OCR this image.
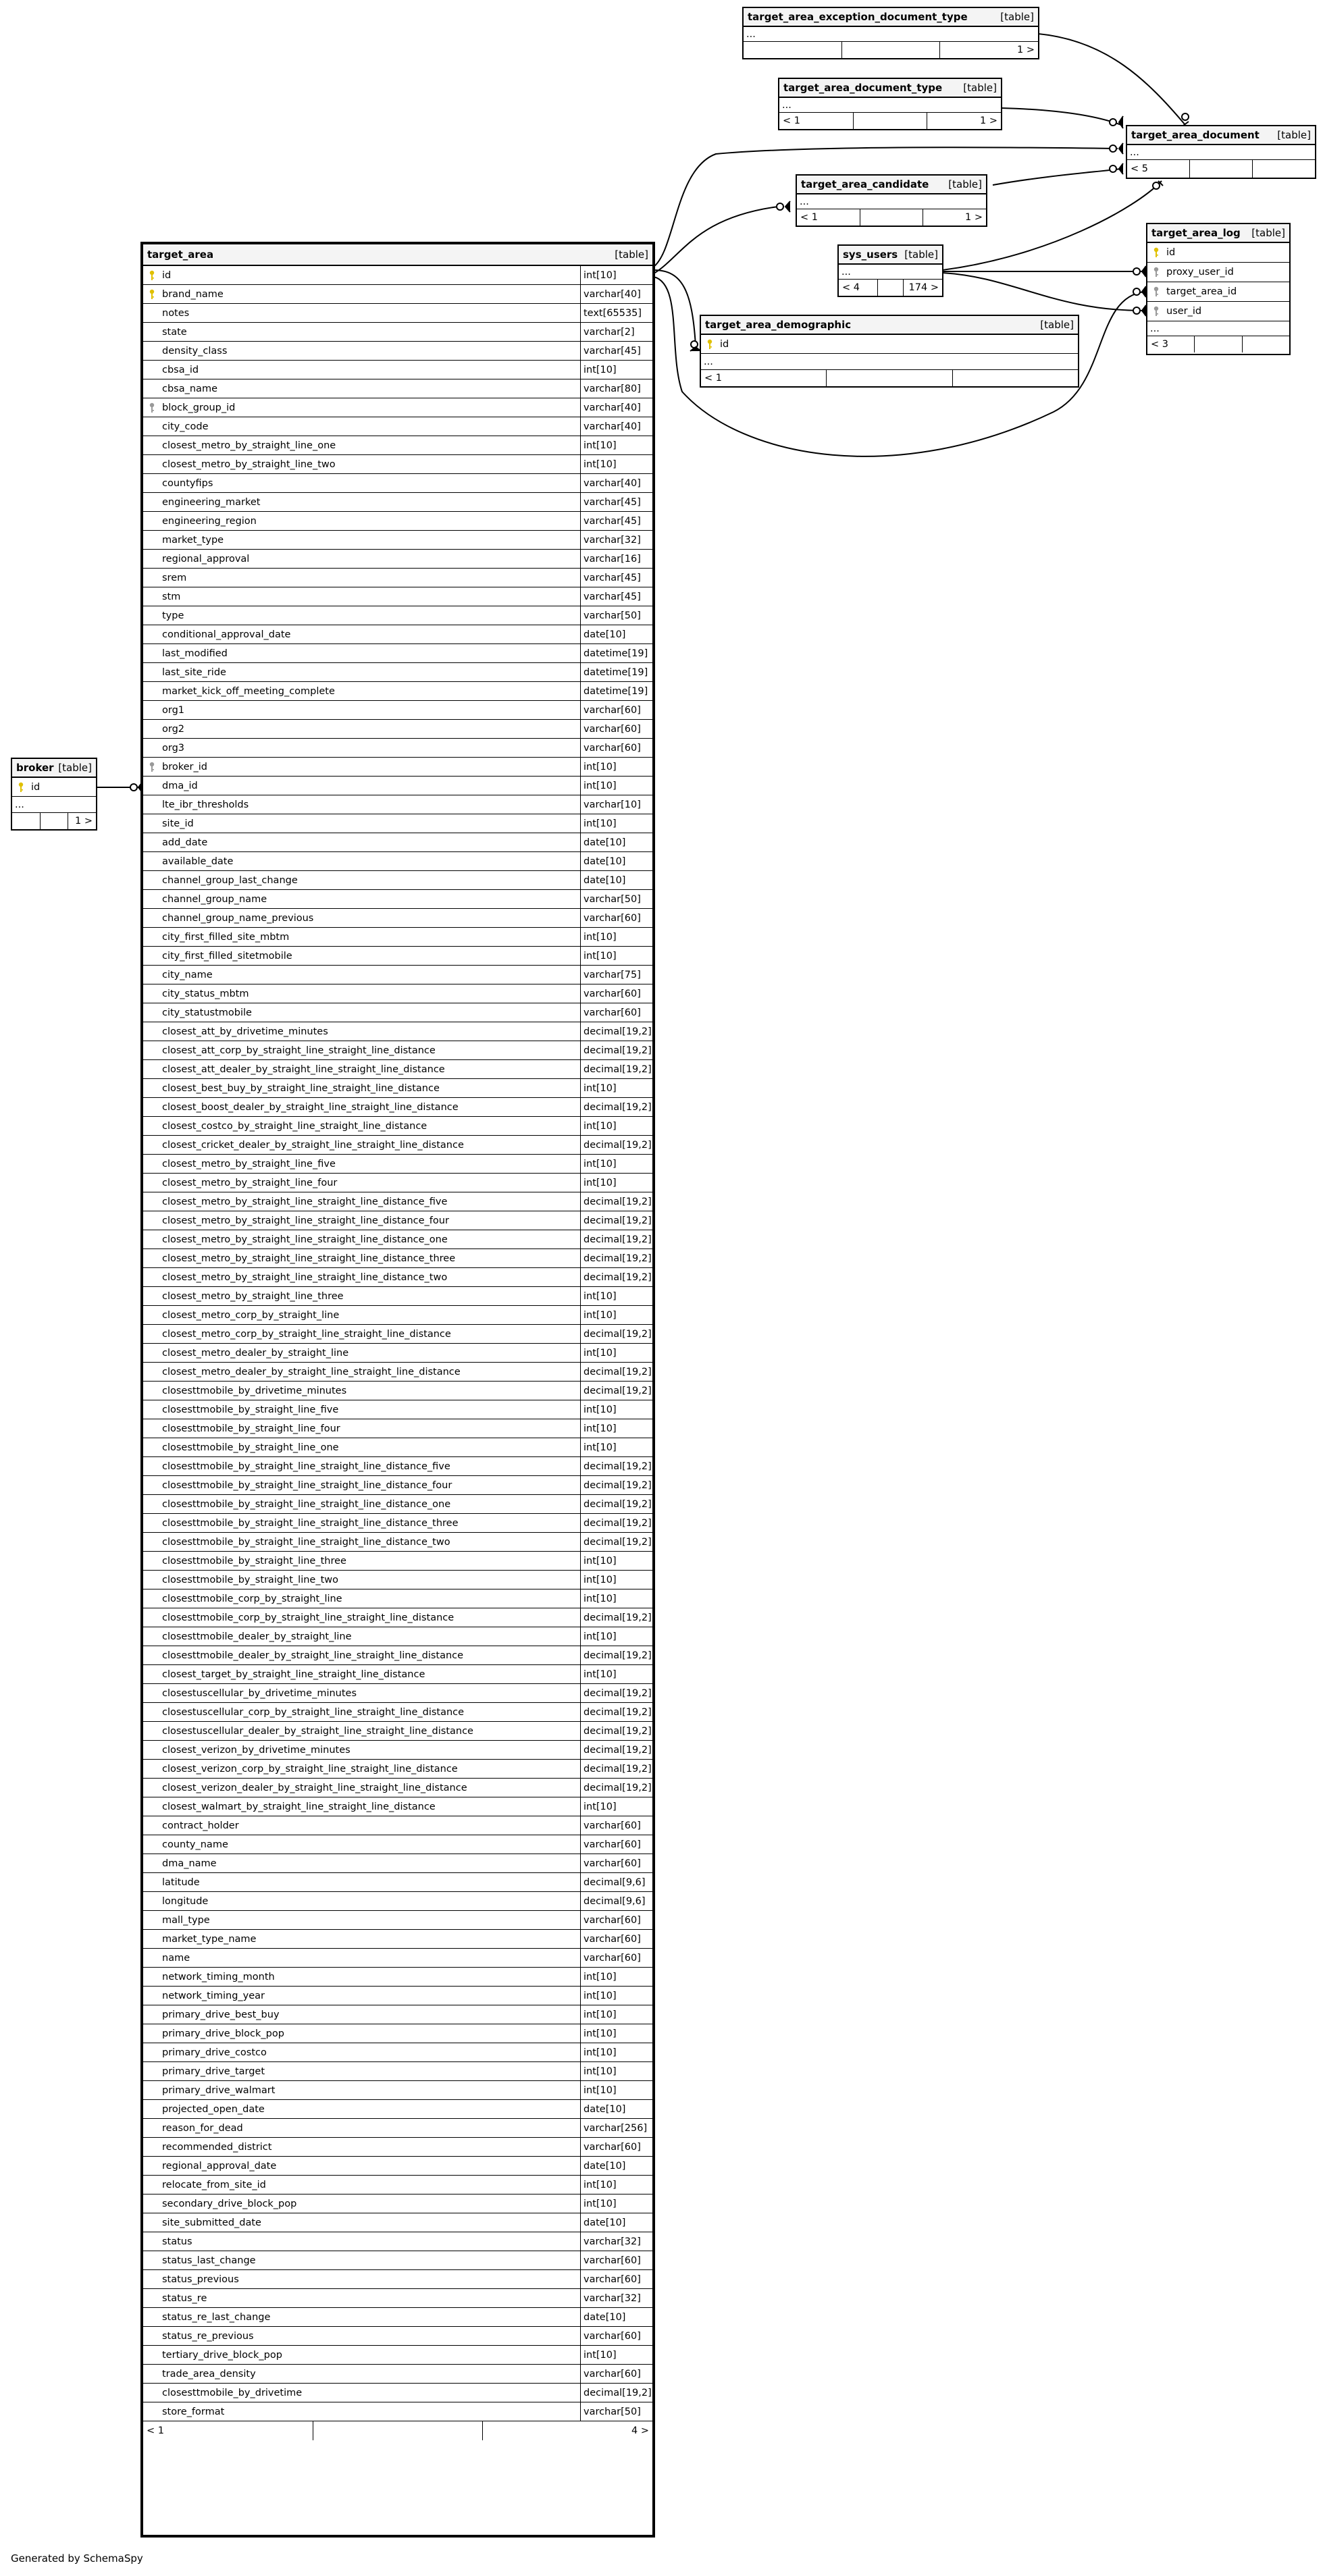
target_area_exception_document_type	[table]
...
1 >
target_area_document_type [table]
...
< 1	1 >
target_area_document [table]
...
< 5
target_area_candidate [table]
...
< 1	1 >
sys_users [table]
...
< 4	174 >
target_area_log [table]
id
proxy_user_id
target_area_id
user_id
...
< 3
target_area_demographic	[table]
id
...
< 1
broker [table]
id
...
1 >
target_area	[table]
id	int[10]
brand_name	varchar[40]
notes	text[65535]
state	varchar[2]
density_class	varchar[45]
cbsa_id	int[10]
cbsa_name	varchar[80]
block_group_id	varchar[40]
city_code	varchar[40]
closest_metro_by_straight_line_one	int[10]
closest_metro_by_straight_line_two	int[10]
countyfips	varchar[40]
engineering_market	varchar[45]
engineering_region	varchar[45]
market_type	varchar[32]
regional_approval	varchar[16]
srem	varchar[45]
stm	varchar[45]
type	varchar[50]
conditional_approval_date	date[10]
last_modified	datetime[19]
last_site_ride	datetime[19]
market_kick_off_meeting_complete	datetime[19]
org1	varchar[60]
org2	varchar[60]
org3	varchar[60]
broker_id	int[10]
dma_id	int[10]
lte_ibr_thresholds	varchar[10]
site_id	int[10]
add_date	date[10]
available_date	date[10]
channel_group_last_change	date[10]
channel_group_name	varchar[50]
channel_group_name_previous	varchar[60]
city_first_filled_site_mbtm	int[10]
city_first_filled_sitetmobile	int[10]
city_name	varchar[75]
city_status_mbtm	varchar[60]
city_statustmobile	varchar[60]
closest_att_by_drivetime_minutes	decimal[19,2]
closest_att_corp_by_straight_line_straight_line_distance	decimal[19,2]
closest_att_dealer_by_straight_line_straight_line_distance	decimal[19,2]
closest_best_buy_by_straight_line_straight_line_distance	int[10]
closest_boost_dealer_by_straight_line_straight_line_distance	decimal[19,2]
closest_costco_by_straight_line_straight_line_distance	int[10]
closest_cricket_dealer_by_straight_line_straight_line_distance	decimal[19,2]
closest_metro_by_straight_line_five	int[10]
closest_metro_by_straight_line_four	int[10]
closest_metro_by_straight_line_straight_line_distance_five	decimal[19,2]
closest_metro_by_straight_line_straight_line_distance_four	decimal[19,2]
closest_metro_by_straight_line_straight_line_distance_one	decimal[19,2]
closest_metro_by_straight_line_straight_line_distance_three	decimal[19,2]
closest_metro_by_straight_line_straight_line_distance_two	decimal[19,2]
closest_metro_by_straight_line_three	int[10]
closest_metro_corp_by_straight_line	int[10]
closest_metro_corp_by_straight_line_straight_line_distance	decimal[19,2]
closest_metro_dealer_by_straight_line	int[10]
closest_metro_dealer_by_straight_line_straight_line_distance	decimal[19,2]
closesttmobile_by_drivetime_minutes	decimal[19,2]
closesttmobile_by_straight_line_five	int[10]
closesttmobile_by_straight_line_four	int[10]
closesttmobile_by_straight_line_one	int[10]
closesttmobile_by_straight_line_straight_line_distance_five	decimal[19,2]
closesttmobile_by_straight_line_straight_line_distance_four	decimal[19,2]
closesttmobile_by_straight_line_straight_line_distance_one	decimal[19,2]
closesttmobile_by_straight_line_straight_line_distance_three	decimal[19,2]
closesttmobile_by_straight_line_straight_line_distance_two	decimal[19,2]
closesttmobile_by_straight_line_three	int[10]
closesttmobile_by_straight_line_two	int[10]
closesttmobile_corp_by_straight_line	int[10]
closesttmobile_corp_by_straight_line_straight_line_distance	decimal[19,2]
closesttmobile_dealer_by_straight_line	int[10]
closesttmobile_dealer_by_straight_line_straight_line_distance	decimal[19,2]
closest_target_by_straight_line_straight_line_distance	int[10]
closestuscellular_by_drivetime_minutes	decimal[19,2]
closestuscellular_corp_by_straight_line_straight_line_distance	decimal[19,2]
closestuscellular_dealer_by_straight_line_straight_line_distance	decimal[19,2]
closest_verizon_by_drivetime_minutes	decimal[19,2]
closest_verizon_corp_by_straight_line_straight_line_distance	decimal[19,2]
closest_verizon_dealer_by_straight_line_straight_line_distance	decimal[19,2]
closest_walmart_by_straight_line_straight_line_distance	int[10]
contract_holder	varchar[60]
county_name	varchar[60]
dma_name	varchar[60]
latitude	decimal[9,6]
longitude	decimal[9,6]
mall_type	varchar[60]
market_type_name	varchar[60]
name	varchar[60]
network_timing_month	int[10]
network_timing_year	int[10]
primary_drive_best_buy	int[10]
primary_drive_block_pop	int[10]
primary_drive_costco	int[10]
primary_drive_target	int[10]
primary_drive_walmart	int[10]
projected_open_date	date[10]
reason_for_dead	varchar[256]
recommended_district	varchar[60]
regional_approval_date	date[10]
relocate_from_site_id	int[10]
secondary_drive_block_pop	int[10]
site_submitted_date	date[10]
status	varchar[32]
status_last_change	varchar[60]
status_previous	varchar[60]
status_re	varchar[32]
status_re_last_change	date[10]
status_re_previous	varchar[60]
tertiary_drive_block_pop	int[10]
trade_area_density	varchar[60]
closesttmobile_by_drivetime	decimal[19,2]
store_format	varchar[50]
< 1	4 >
Generated by SchemaSpy
